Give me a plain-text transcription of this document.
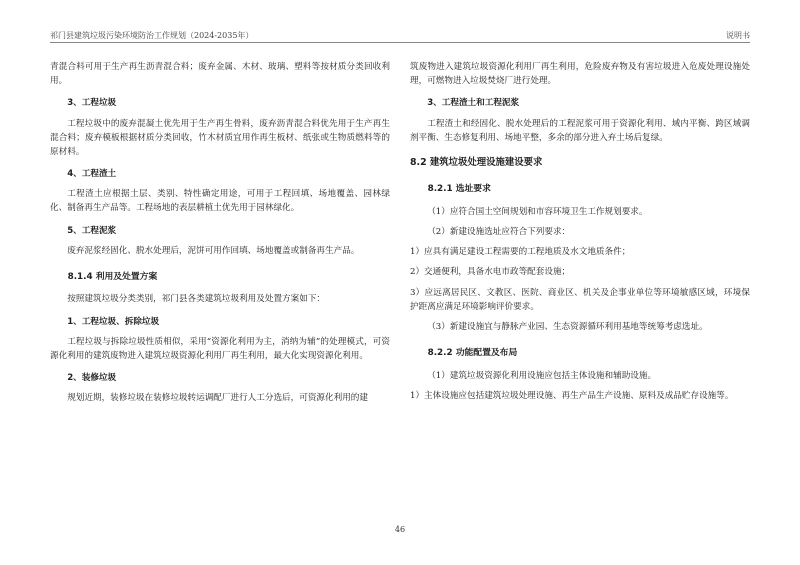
祁门县建筑垃圾污染环境防治工作规划（2024-2035年）	说明书

青混合料可用于生产再生沥青混合料；废弃金属、木材、玻璃、塑料等按材质分类回收利用。

3、工程垃圾

工程垃圾中的废弃混凝土优先用于生产再生骨料，废弃沥青混合料优先用于生产再生混合料；废弃模板根据材质分类回收，竹木材质宜用作再生板材、纸张或生物质燃料等的原材料。

4、工程渣土

工程渣土应根据土层、类别、特性确定用途，可用于工程回填、场地覆盖、园林绿化、制备再生产品等。工程场地的表层耕植土优先用于园林绿化。

5、工程泥浆

废弃泥浆经固化、脱水处理后，泥饼可用作回填、场地覆盖或制备再生产品。

8.1.4 利用及处置方案

按照建筑垃圾分类类别，祁门县各类建筑垃圾利用及处置方案如下：

1、工程垃圾、拆除垃圾

工程垃圾与拆除垃圾性质相似，采用“资源化利用为主，消纳为辅”的处理模式，可资源化利用的建筑废物进入建筑垃圾资源化利用厂再生利用，最大化实现资源化利用。

2、装修垃圾

规划近期，装修垃圾在装修垃圾转运调配厂进行人工分选后，可资源化利用的建

筑废物进入建筑垃圾资源化利用厂再生利用，危险废弃物及有害垃圾进入危废处理设施处理，可燃物进入垃圾焚烧厂进行处理。

3、工程渣土和工程泥浆

工程渣土和经固化、脱水处理后的工程泥浆可用于资源化利用、域内平衡、跨区域调剂平衡、生态修复利用、场地平整，多余的部分进入弃土场后复绿。

8.2 建筑垃圾处理设施建设要求
8.2.1 选址要求

（1）应符合国土空间规划和市容环境卫生工作规划要求。

（2）新建设施选址应符合下列要求：

1）应具有满足建设工程需要的工程地质及水文地质条件；

2）交通便利，具备水电市政等配套设施；

3）应远离居民区、文教区、医院、商业区、机关及企事业单位等环境敏感区域，环境保护距离应满足环境影响评价要求。

（3）新建设施宜与静脉产业园、生态资源循环利用基地等统筹考虑选址。

8.2.2 功能配置及布局

（1）建筑垃圾资源化利用设施应包括主体设施和辅助设施。

1）主体设施应包括建筑垃圾处理设施、再生产品生产设施、原料及成品贮存设施等。

46
